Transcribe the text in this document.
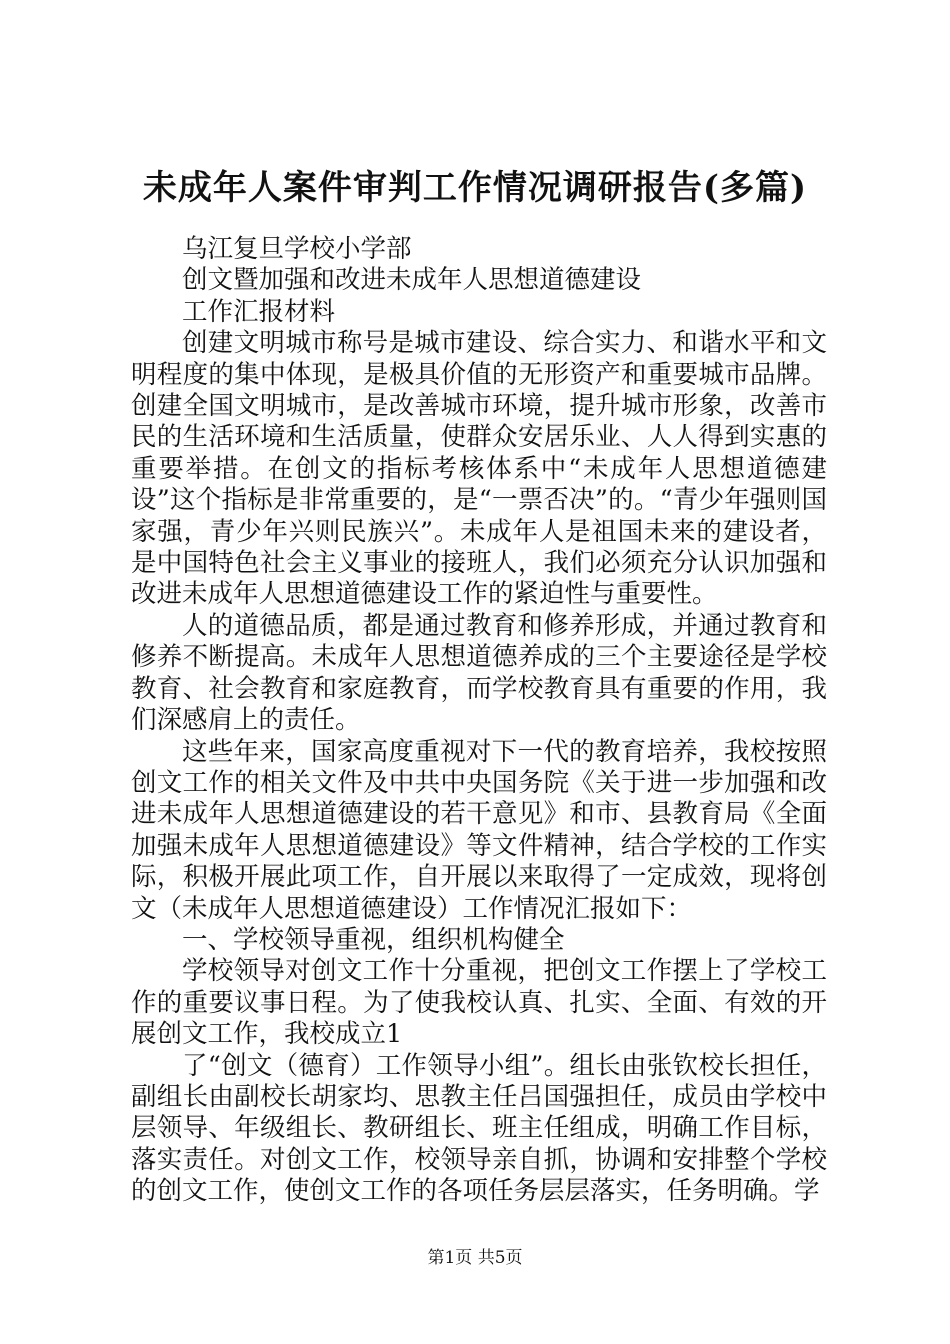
未成年人案件审判工作情况调研报告(多篇)

乌江复旦学校小学部

创文暨加强和改进未成年人思想道德建设

工作汇报材料

创建文明城市称号是城市建设、综合实力、和谐水平和文明程度的集中体现，是极具价值的无形资产和重要城市品牌。创建全国文明城市，是改善城市环境，提升城市形象，改善市民的生活环境和生活质量，使群众安居乐业、人人得到实惠的重要举措。在创文的指标考核体系中“未成年人思想道德建设”这个指标是非常重要的，是“一票否决”的。“青少年强则国家强，青少年兴则民族兴”。未成年人是祖国未来的建设者，是中国特色社会主义事业的接班人，我们必须充分认识加强和改进未成年人思想道德建设工作的紧迫性与重要性。

人的道德品质，都是通过教育和修养形成，并通过教育和修养不断提高。未成年人思想道德养成的三个主要途径是学校教育、社会教育和家庭教育，而学校教育具有重要的作用，我们深感肩上的责任。

这些年来，国家高度重视对下一代的教育培养，我校按照创文工作的相关文件及中共中央国务院《关于进一步加强和改进未成年人思想道德建设的若干意见》和市、县教育局《全面加强未成年人思想道德建设》等文件精神，结合学校的工作实际，积极开展此项工作，自开展以来取得了一定成效，现将创文（未成年人思想道德建设）工作情况汇报如下：

一、学校领导重视，组织机构健全

学校领导对创文工作十分重视，把创文工作摆上了学校工作的重要议事日程。为了使我校认真、扎实、全面、有效的开展创文工作，我校成立1

了“创文（德育）工作领导小组”。组长由张钦校长担任，副组长由副校长胡家均、思教主任吕国强担任，成员由学校中层领导、年级组长、教研组长、班主任组成，明确工作目标，落实责任。对创文工作，校领导亲自抓，协调和安排整个学校的创文工作，使创文工作的各项任务层层落实，任务明确。学

第1页 共5页
